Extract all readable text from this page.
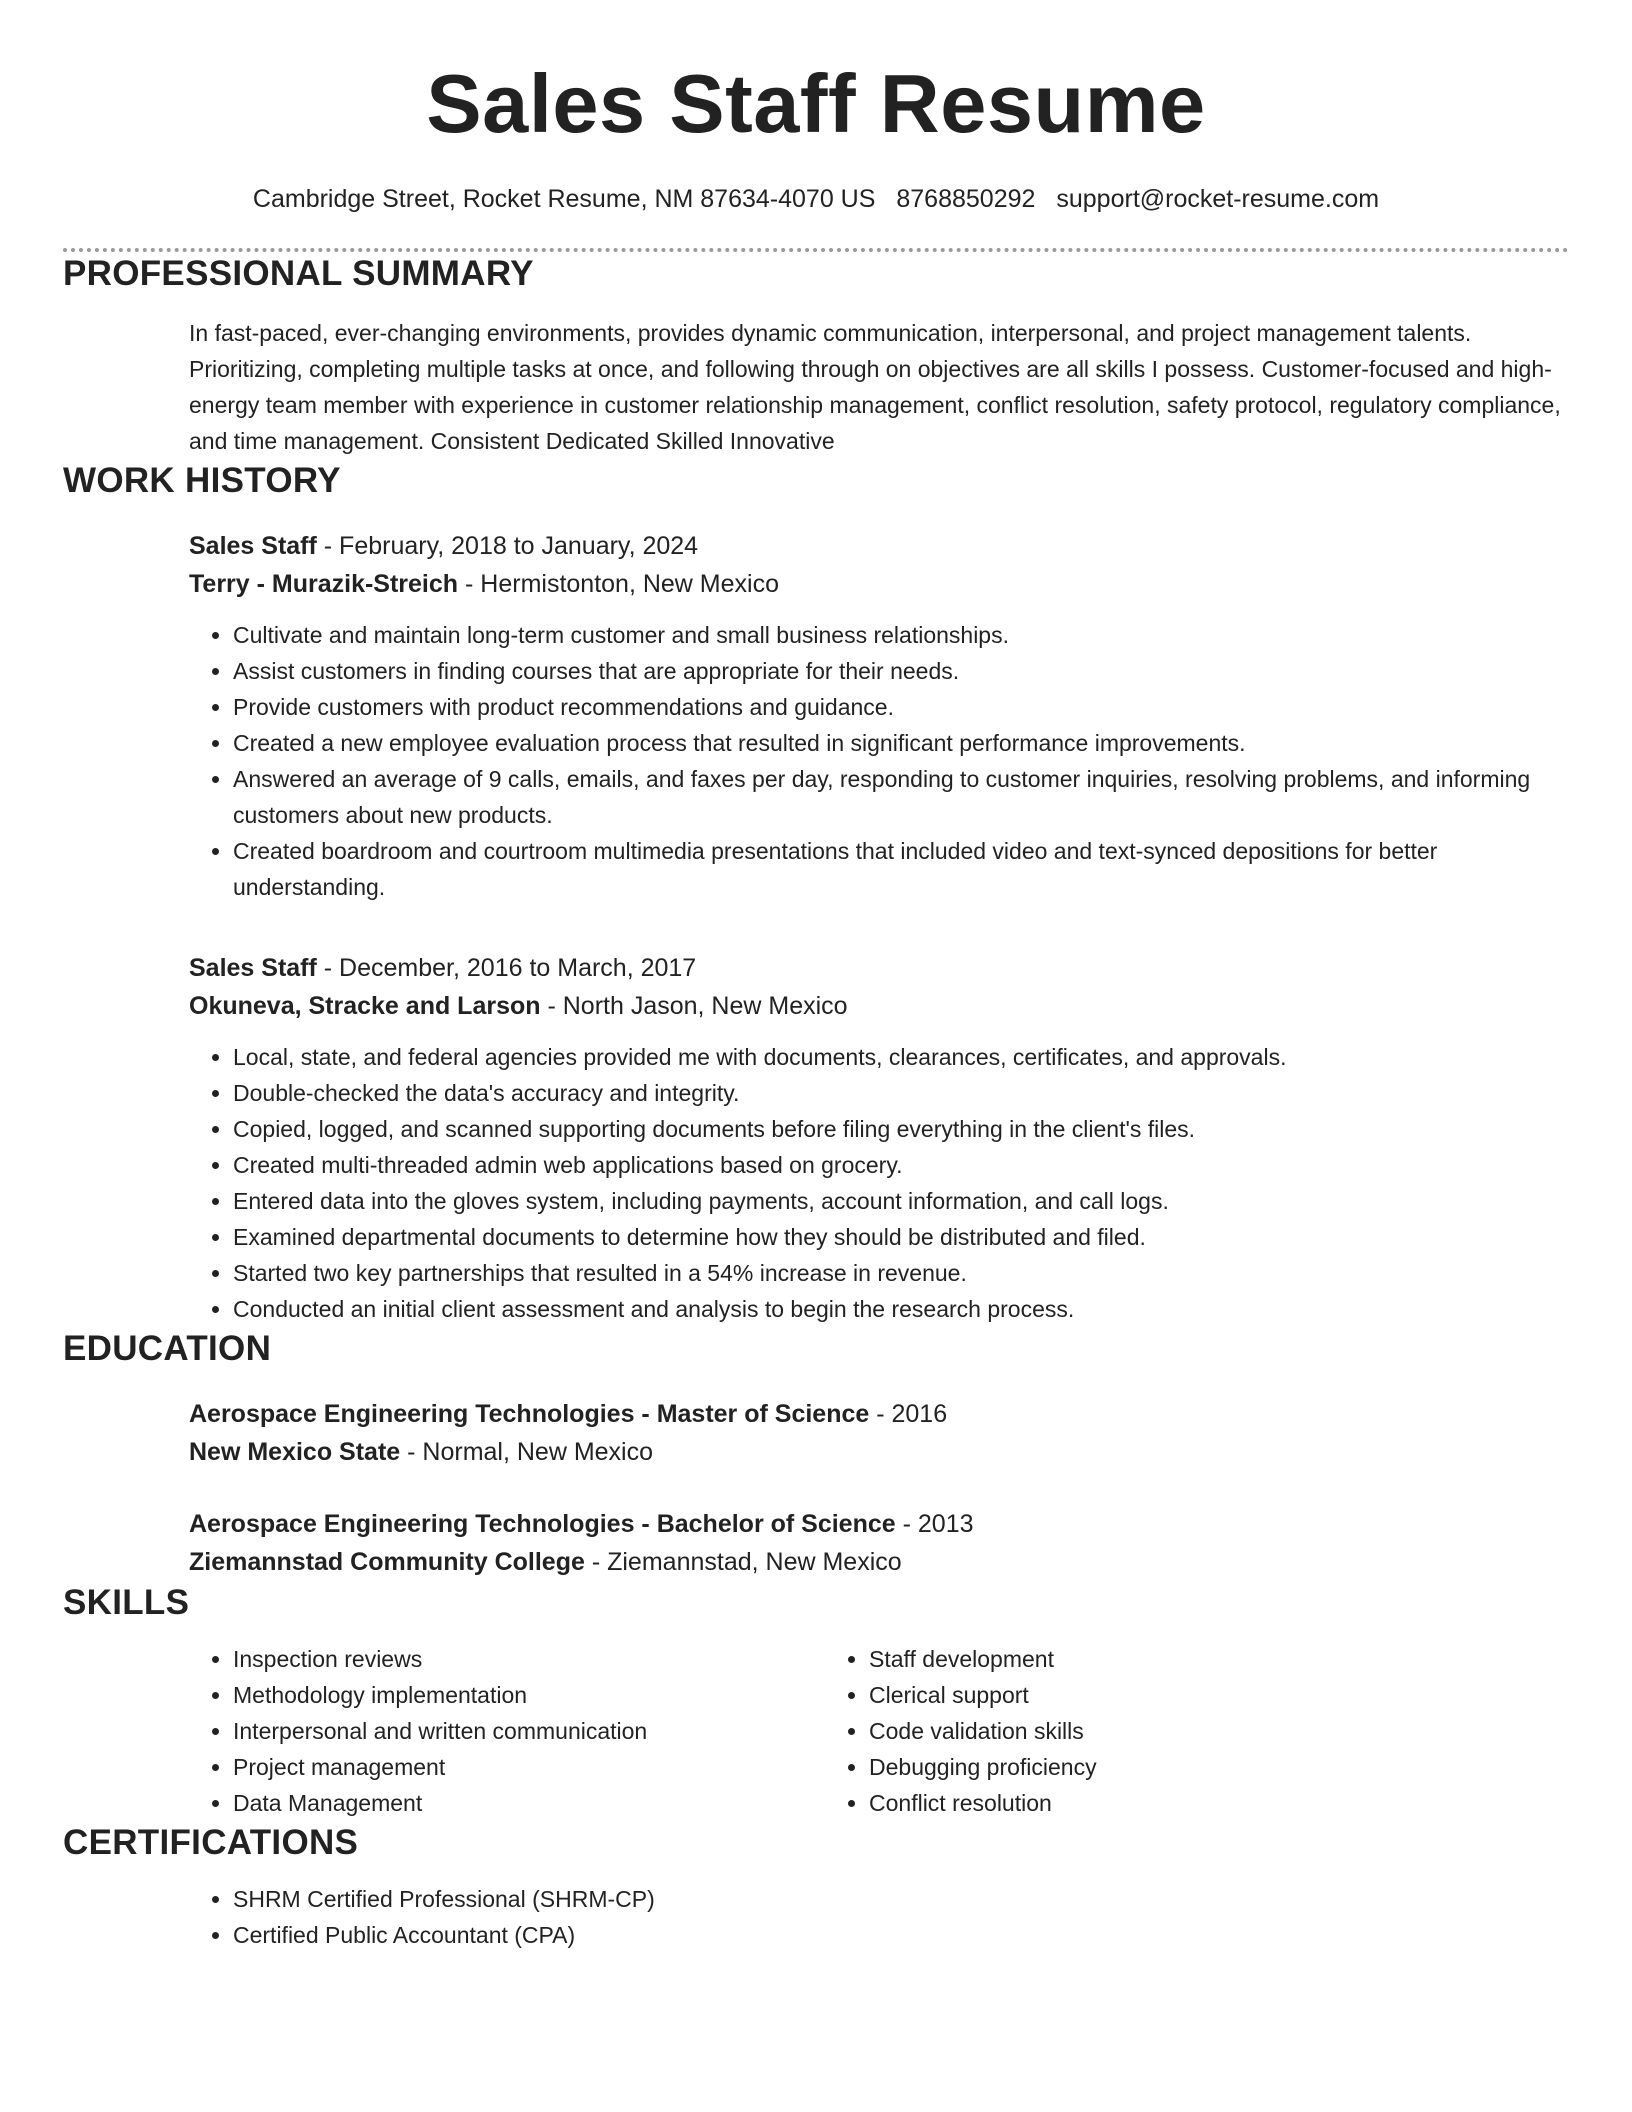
Sales Staff Resume
Cambridge Street, Rocket Resume, NM 87634-4070 US 8768850292 support@rocket-resume.com
PROFESSIONAL SUMMARY
In fast-paced, ever-changing environments, provides dynamic communication, interpersonal, and project management talents. Prioritizing, completing multiple tasks at once, and following through on objectives are all skills I possess. Customer-focused and high-energy team member with experience in customer relationship management, conflict resolution, safety protocol, regulatory compliance, and time management. Consistent Dedicated Skilled Innovative
WORK HISTORY
Sales Staff - February, 2018 to January, 2024
Terry - Murazik-Streich - Hermistonton, New Mexico
• Cultivate and maintain long-term customer and small business relationships.
• Assist customers in finding courses that are appropriate for their needs.
• Provide customers with product recommendations and guidance.
• Created a new employee evaluation process that resulted in significant performance improvements.
• Answered an average of 9 calls, emails, and faxes per day, responding to customer inquiries, resolving problems, and informing customers about new products.
• Created boardroom and courtroom multimedia presentations that included video and text-synced depositions for better understanding.
Sales Staff - December, 2016 to March, 2017
Okuneva, Stracke and Larson - North Jason, New Mexico
• Local, state, and federal agencies provided me with documents, clearances, certificates, and approvals.
• Double-checked the data's accuracy and integrity.
• Copied, logged, and scanned supporting documents before filing everything in the client's files.
• Created multi-threaded admin web applications based on grocery.
• Entered data into the gloves system, including payments, account information, and call logs.
• Examined departmental documents to determine how they should be distributed and filed.
• Started two key partnerships that resulted in a 54% increase in revenue.
• Conducted an initial client assessment and analysis to begin the research process.
EDUCATION
Aerospace Engineering Technologies - Master of Science - 2016
New Mexico State - Normal, New Mexico
Aerospace Engineering Technologies - Bachelor of Science - 2013
Ziemannstad Community College - Ziemannstad, New Mexico
SKILLS
• Inspection reviews
• Methodology implementation
• Interpersonal and written communication
• Project management
• Data Management
• Staff development
• Clerical support
• Code validation skills
• Debugging proficiency
• Conflict resolution
CERTIFICATIONS
• SHRM Certified Professional (SHRM-CP)
• Certified Public Accountant (CPA)
